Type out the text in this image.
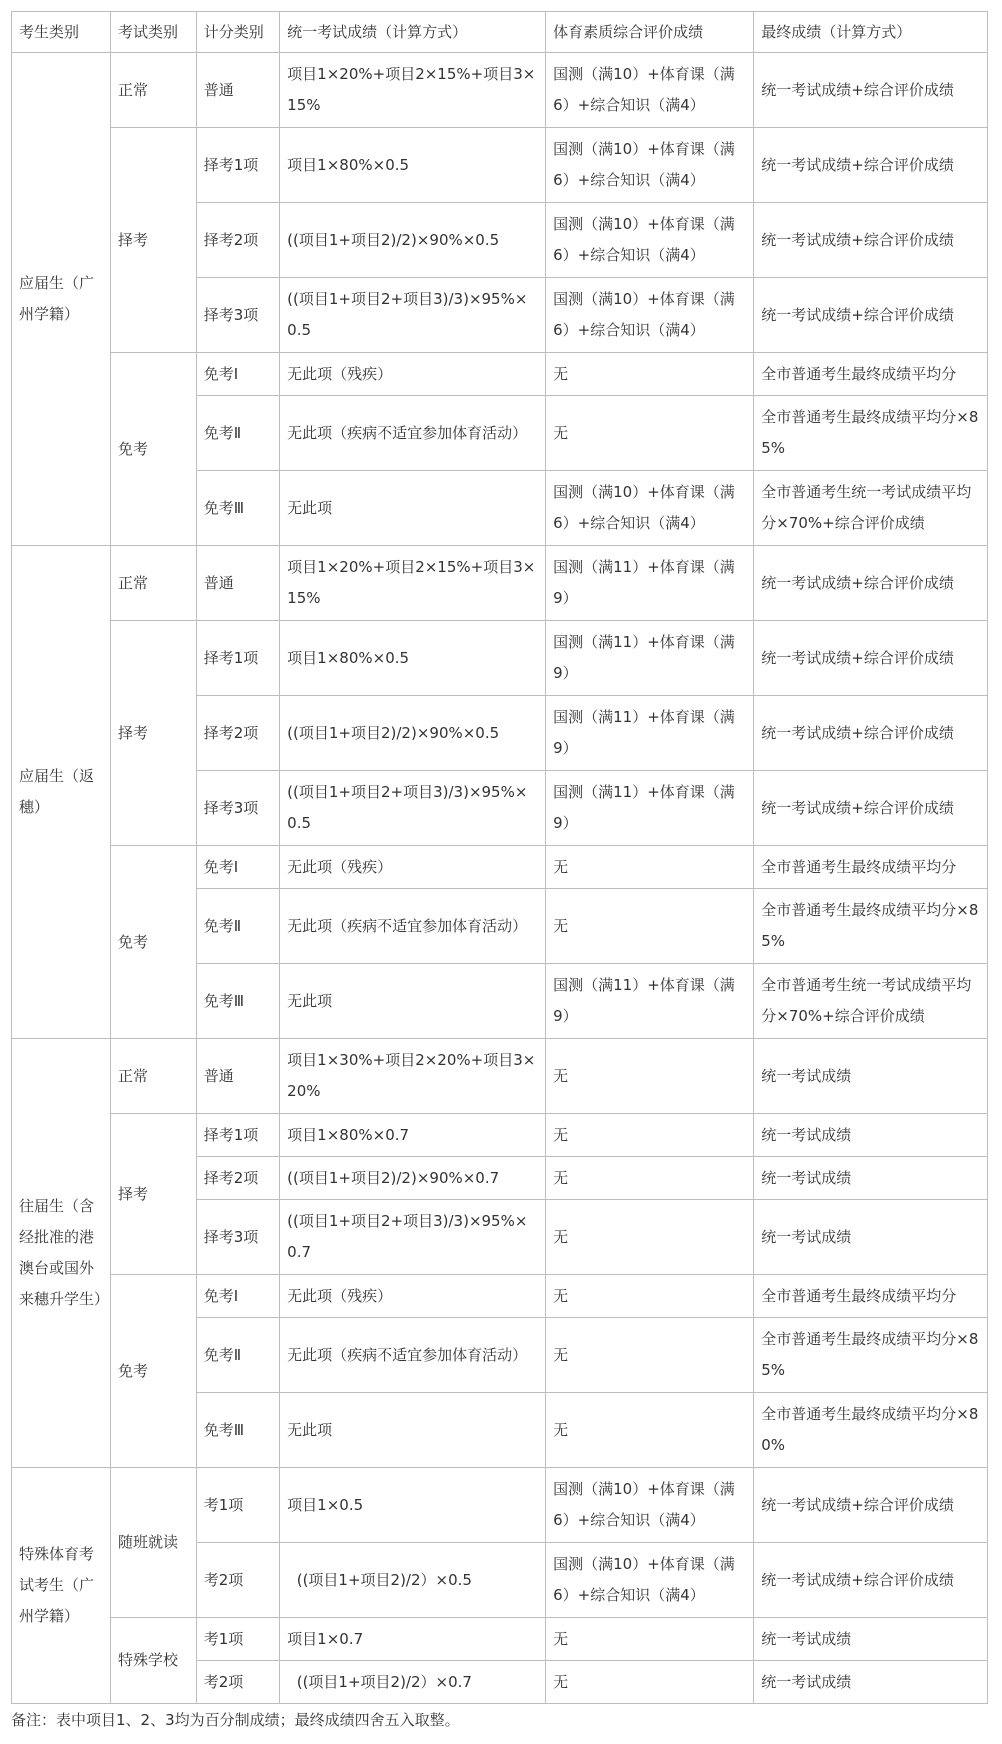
考生类别	考试类别	计分类别	统一考试成绩（计算方式）	体育素质综合评价成绩	最终成绩（计算方式）
应届生（广州学籍）	正常	普通	项目1×20%+项目2×15%+项目3×15%	国测（满10）+体育课（满6）+综合知识（满4）	统一考试成绩+综合评价成绩
	择考	择考1项	项目1×80%×0.5	国测（满10）+体育课（满6）+综合知识（满4）	统一考试成绩+综合评价成绩
		择考2项	((项目1+项目2)/2)×90%×0.5	国测（满10）+体育课（满6）+综合知识（满4）	统一考试成绩+综合评价成绩
		择考3项	((项目1+项目2+项目3)/3)×95%×0.5	国测（满10）+体育课（满6）+综合知识（满4）	统一考试成绩+综合评价成绩
	免考	免考Ⅰ	无此项（残疾）	无	全市普通考生最终成绩平均分
		免考Ⅱ	无此项（疾病不适宜参加体育活动）	无	全市普通考生最终成绩平均分×85%
		免考Ⅲ	无此项	国测（满10）+体育课（满6）+综合知识（满4）	全市普通考生统一考试成绩平均分×70%+综合评价成绩
应届生（返穗）	正常	普通	项目1×20%+项目2×15%+项目3×15%	国测（满11）+体育课（满9）	统一考试成绩+综合评价成绩
	择考	择考1项	项目1×80%×0.5	国测（满11）+体育课（满9）	统一考试成绩+综合评价成绩
		择考2项	((项目1+项目2)/2)×90%×0.5	国测（满11）+体育课（满9）	统一考试成绩+综合评价成绩
		择考3项	((项目1+项目2+项目3)/3)×95%×0.5	国测（满11）+体育课（满9）	统一考试成绩+综合评价成绩
	免考	免考Ⅰ	无此项（残疾）	无	全市普通考生最终成绩平均分
		免考Ⅱ	无此项（疾病不适宜参加体育活动）	无	全市普通考生最终成绩平均分×85%
		免考Ⅲ	无此项	国测（满11）+体育课（满9）	全市普通考生统一考试成绩平均分×70%+综合评价成绩
往届生（含经批准的港澳台或国外来穗升学生）	正常	普通	项目1×30%+项目2×20%+项目3×20%	无	统一考试成绩
	择考	择考1项	项目1×80%×0.7	无	统一考试成绩
		择考2项	((项目1+项目2)/2)×90%×0.7	无	统一考试成绩
		择考3项	((项目1+项目2+项目3)/3)×95%×0.7	无	统一考试成绩
	免考	免考Ⅰ	无此项（残疾）	无	全市普通考生最终成绩平均分
		免考Ⅱ	无此项（疾病不适宜参加体育活动）	无	全市普通考生最终成绩平均分×85%
		免考Ⅲ	无此项	无	全市普通考生最终成绩平均分×80%
特殊体育考试考生（广州学籍）	随班就读	考1项	项目1×0.5	国测（满10）+体育课（满6）+综合知识（满4）	统一考试成绩+综合评价成绩
		考2项	((项目1+项目2)/2）×0.5	国测（满10）+体育课（满6）+综合知识（满4）	统一考试成绩+综合评价成绩
	特殊学校	考1项	项目1×0.7	无	统一考试成绩
		考2项	((项目1+项目2)/2）×0.7	无	统一考试成绩
备注：表中项目1、2、3均为百分制成绩；最终成绩四舍五入取整。
